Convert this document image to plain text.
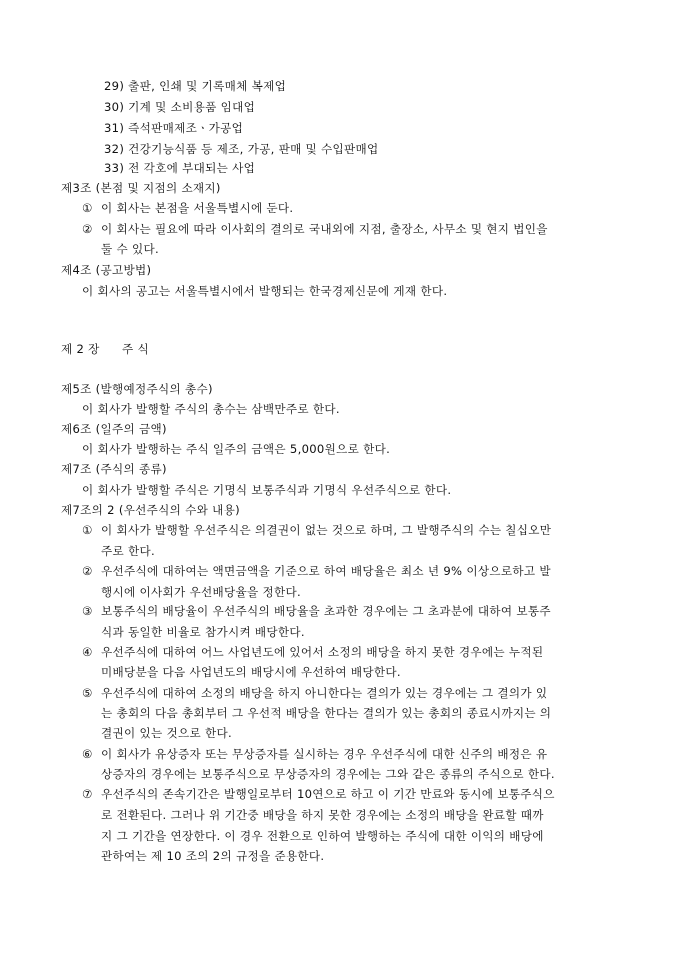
29) 출판, 인쇄 및 기록매체 복제업
30) 기계 및 소비용품 임대업
31) 즉석판매제조ㆍ가공업
32) 건강기능식품 등 제조, 가공, 판매 및 수입판매업
33) 전 각호에 부대되는 사업
제3조 (본점 및 지점의 소재지)
① 이 회사는 본점을 서울특별시에 둔다.
② 이 회사는 필요에 따라 이사회의 결의로 국내외에 지점, 출장소, 사무소 및 현지 법인을
둘 수 있다.
제4조 (공고방법)
이 회사의 공고는 서울특별시에서 발행되는 한국경제신문에 게재 한다.
제 2 장 주 식
제5조 (발행예정주식의 총수)
이 회사가 발행할 주식의 총수는 삼백만주로 한다.
제6조 (일주의 금액)
이 회사가 발행하는 주식 일주의 금액은 5,000원으로 한다.
제7조 (주식의 종류)
이 회사가 발행할 주식은 기명식 보통주식과 기명식 우선주식으로 한다.
제7조의 2 (우선주식의 수와 내용)
① 이 회사가 발행할 우선주식은 의결권이 없는 것으로 하며, 그 발행주식의 수는 칠십오만
주로 한다.
② 우선주식에 대하여는 액면금액을 기준으로 하여 배당율은 최소 년 9% 이상으로하고 발
행시에 이사회가 우선배당율을 정한다.
③ 보통주식의 배당율이 우선주식의 배당율을 초과한 경우에는 그 초과분에 대하여 보통주
식과 동일한 비율로 참가시켜 배당한다.
④ 우선주식에 대하여 어느 사업년도에 있어서 소정의 배당을 하지 못한 경우에는 누적된
미배당분을 다음 사업년도의 배당시에 우선하여 배당한다.
⑤ 우선주식에 대하여 소정의 배당을 하지 아니한다는 결의가 있는 경우에는 그 결의가 있
는 총회의 다음 총회부터 그 우선적 배당을 한다는 결의가 있는 총회의 종료시까지는 의
결권이 있는 것으로 한다.
⑥ 이 회사가 유상증자 또는 무상증자를 실시하는 경우 우선주식에 대한 신주의 배정은 유
상증자의 경우에는 보통주식으로 무상증자의 경우에는 그와 같은 종류의 주식으로 한다.
⑦ 우선주식의 존속기간은 발행일로부터 10연으로 하고 이 기간 만료와 동시에 보통주식으
로 전환된다. 그러나 위 기간중 배당을 하지 못한 경우에는 소정의 배당을 완료할 때까
지 그 기간을 연장한다. 이 경우 전환으로 인하여 발행하는 주식에 대한 이익의 배당에
관하여는 제 10 조의 2의 규정을 준용한다.
